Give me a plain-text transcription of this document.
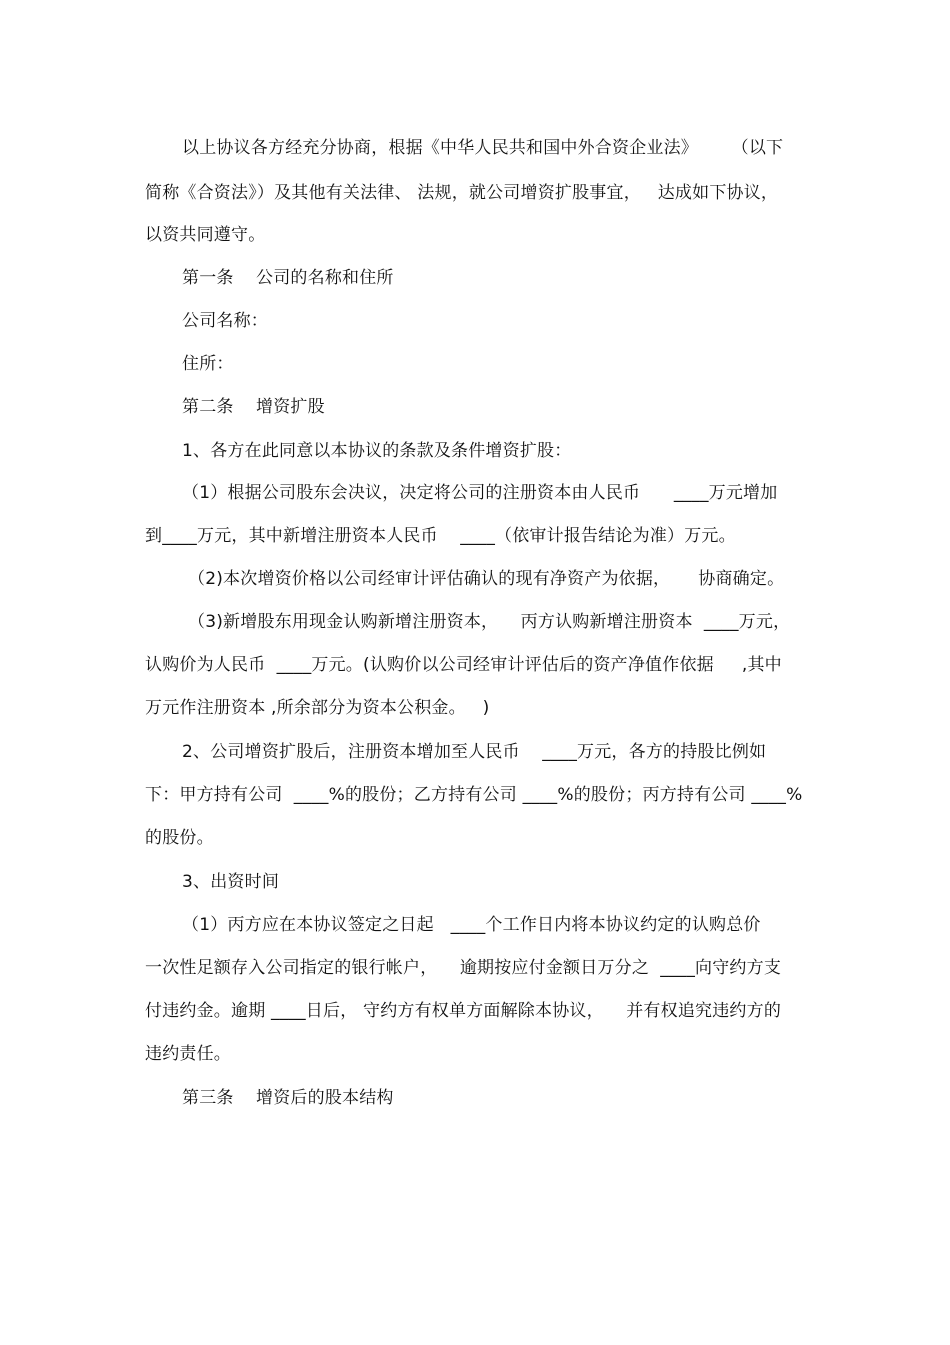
以上协议各方经充分协商，根据《中华人民共和国中外合资企业法》      （以下
简称《合资法》）及其他有关法律、 法规，就公司增资扩股事宜，   达成如下协议，
以资共同遵守。
第一条    公司的名称和住所
公司名称：
住所：
第二条    增资扩股
1、各方在此同意以本协议的条款及条件增资扩股：
（1）根据公司股东会决议，决定将公司的注册资本由人民币      ____万元增加
到____万元，其中新增注册资本人民币    ____（依审计报告结论为准）万元。
（2)本次增资价格以公司经审计评估确认的现有净资产为依据，     协商确定。
（3)新增股东用现金认购新增注册资本，    丙方认购新增注册资本  ____万元，
认购价为人民币  ____万元。(认购价以公司经审计评估后的资产净值作依据     ,其中
万元作注册资本 ,所余部分为资本公积金。   )
2、公司增资扩股后，注册资本增加至人民币    ____万元，各方的持股比例如
下：甲方持有公司  ____%的股份；乙方持有公司 ____%的股份；丙方持有公司 ____%
的股份。
3、出资时间
（1）丙方应在本协议签定之日起   ____个工作日内将本协议约定的认购总价
一次性足额存入公司指定的银行帐户，    逾期按应付金额日万分之  ____向守约方支
付违约金。逾期 ____日后， 守约方有权单方面解除本协议，    并有权追究违约方的
违约责任。
第三条    增资后的股本结构
